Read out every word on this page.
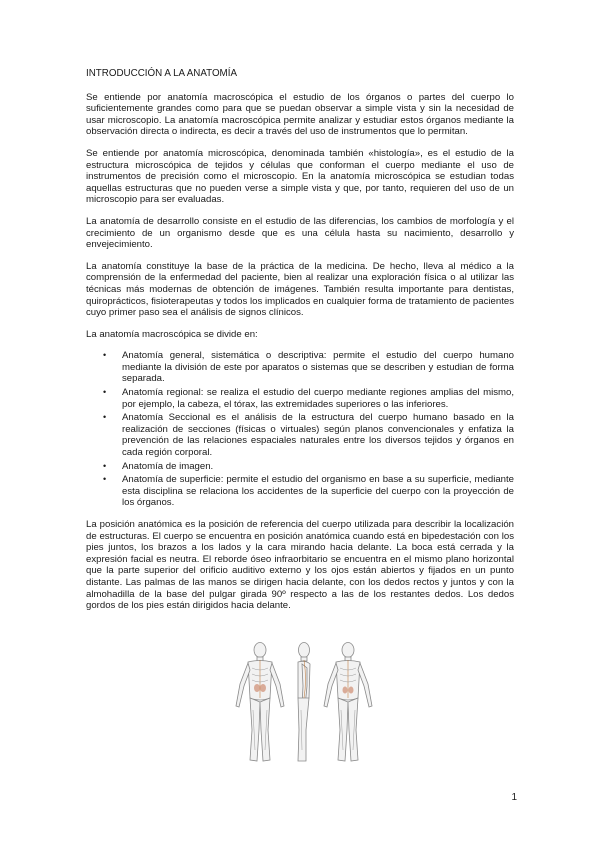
INTRODUCCIÓN A LA ANATOMÍA

Se entiende por anatomía macroscópica el estudio de los órganos o partes del cuerpo lo suficientemente grandes como para que se puedan observar a simple vista y sin la necesidad de usar microscopio. La anatomía macroscópica permite analizar y estudiar estos órganos mediante la observación directa o indirecta, es decir a través del uso de instrumentos que lo permitan.

Se entiende por anatomía microscópica, denominada también «histología», es el estudio de la estructura microscópica de tejidos y células que conforman el cuerpo mediante el uso de instrumentos de precisión como el microscopio. En la anatomía microscópica se estudian todas aquellas estructuras que no pueden verse a simple vista y que, por tanto, requieren del uso de un microscopio para ser evaluadas.

La anatomía de desarrollo consiste en el estudio de las diferencias, los cambios de morfología y el crecimiento de un organismo desde que es una célula hasta su nacimiento, desarrollo y envejecimiento.

La anatomía constituye la base de la práctica de la medicina. De hecho, lleva al médico a la comprensión de la enfermedad del paciente, bien al realizar una exploración física o al utilizar las técnicas más modernas de obtención de imágenes. También resulta importante para dentistas, quiroprácticos, fisioterapeutas y todos los implicados en cualquier forma de tratamiento de pacientes cuyo primer paso sea el análisis de signos clínicos.

La anatomía macroscópica se divide en:

• Anatomía general, sistemática o descriptiva: permite el estudio del cuerpo humano mediante la división de este por aparatos o sistemas que se describen y estudian de forma separada.
• Anatomía regional: se realiza el estudio del cuerpo mediante regiones amplias del mismo, por ejemplo, la cabeza, el tórax, las extremidades superiores o las inferiores.
• Anatomía Seccional es el análisis de la estructura del cuerpo humano basado en la realización de secciones (físicas o virtuales) según planos convencionales y enfatiza la prevención de las relaciones espaciales naturales entre los diversos tejidos y órganos en cada región corporal.
• Anatomía de imagen.
• Anatomía de superficie: permite el estudio del organismo en base a su superficie, mediante esta disciplina se relaciona los accidentes de la superficie del cuerpo con la proyección de los órganos.

La posición anatómica es la posición de referencia del cuerpo utilizada para describir la localización de estructuras. El cuerpo se encuentra en posición anatómica cuando está en bipedestación con los pies juntos, los brazos a los lados y la cara mirando hacia delante. La boca está cerrada y la expresión facial es neutra. El reborde óseo infraorbitario se encuentra en el mismo plano horizontal que la parte superior del orificio auditivo externo y los ojos están abiertos y fijados en un punto distante. Las palmas de las manos se dirigen hacia delante, con los dedos rectos y juntos y con la almohadilla de la base del pulgar girada 90º respecto a las de los restantes dedos. Los dedos gordos de los pies están dirigidos hacia delante.

1
